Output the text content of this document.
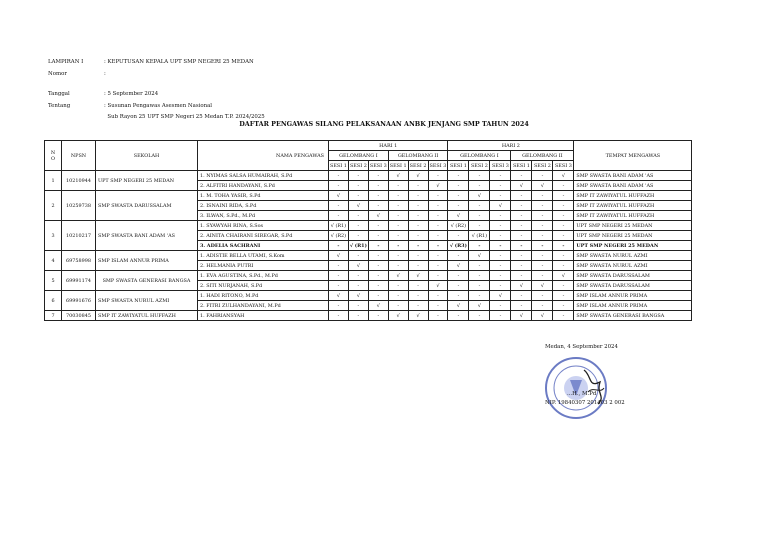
LAMPIRAN I	: KEPUTUSAN KEPALA UPT SMP NEGERI 25 MEDAN
Nomor	:
Tanggal	: 5 September 2024
Tentang	: Susunan Pengawas Asesmen Nasional
Sub Rayon 25 UPT SMP Negeri 25 Medan T.P. 2024/2025
DAFTAR PENGAWAS SILANG PELAKSANAAN ANBK JENJANG SMP TAHUN 2024
N
O	NPSN	SEKOLAH	NAMA PENGAWAS	HARI 1						HARI 2						TEMPAT MENGAWAS
				GELOMBANG I			GELOMBANG II			GELOMBANG I			GELOMBANG II			
				SESI 1	SESI 2	SESI 3	SESI 1	SESI 2	SESI 3	SESI 1	SESI 2	SESI 3	SESI 1	SESI 2	SESI 3	
1	10210944	UPT SMP NEGERI 25 MEDAN	1. NYIMAS SALSA HUMAIRAH, S.Pd	-	-	-	√	√	-	-	-	-	-	-	√	SMP SWASTA BANI ADAM 'AS
			2. ALFITRI HANDAYANI, S.Pd	-	-	-	-	-	√	-	-	-	√	√	-	SMP SWASTA BANI ADAM 'AS
2	10259738	SMP SWASTA DARUSSALAM	1. M. TOHA YASIR, S.Pd	√	-	-	-	-	-	-	√	-	-	-	-	SMP IT ZAWIYATUL HUFFAZH
			2. ISNAINI RIDA, S.Pd	-	√	-	-	-	-	-	-	√	-	-	-	SMP IT ZAWIYATUL HUFFAZH
			3. ILWAN, S.Pd., M.Pd	-	-	√	-	-	-	√	-	-	-	-	-	SMP IT ZAWIYATUL HUFFAZH
3	10210217	SMP SWASTA BANI ADAM 'AS	1. SYAWYAH RINA, S.Sos	√ (R1)	-	-	-	-	-	√ (R2)	-	-	-	-	-	UPT SMP NEGERI 25 MEDAN
			2. AINITA CHAIRANI SIREGAR, S.Pd	√ (R2)	-	-	-	-	-	-	√ (R1)	-	-	-	-	UPT SMP NEGERI 25 MEDAN
			3. ADELIA SACHRANI	-	√ (R1)	-	-	-	-	√ (R3)	-	-	-	-	-	UPT SMP NEGERI 25 MEDAN
4	69758998	SMP ISLAM ANNUR PRIMA	1. ADISTIE BELLA UTAMI, S.Kom	√	-	-	-	-	-	-	√	-	-	-	-	SMP SWASTA NURUL AZMI
			2. HELMANIA PUTRI	-	√	-	-	-	-	√	-	-	-	-	-	SMP SWASTA NURUL AZMI
5	69991174	SMP SWASTA GENERASI BANGSA	1. EVA AGUSTINA, S.Pd., M.Pd	-	-	-	√	√	-	-	-	-	-	-	√	SMP SWASTA DARUSSALAM
			2. SITI NURJANAH, S.Pd	-	-	-	-	-	√	-	-	-	√	√	-	SMP SWASTA DARUSSALAM
6	69991676	SMP SWASTA NURUL AZMI	1. HADI RITONO, M.Pd	√	√	-	-	-	-	-	-	√	-	-	-	SMP ISLAM ANNUR PRIMA
			2. FITRI ZULHANDAYANI, M.Pd	-	-	√	-	-	-	√	√	-	-	-	-	SMP ISLAM ANNUR PRIMA
7	70030845	SMP IT ZAWIYATUL HUFFAZH	1. FAHRIANSYAH	-	-	-	√	√	-	-	-	-	√	√	-	SMP SWASTA GENERASI BANGSA
Medan, 4 September 2024
...H., M.Pd
NIP. 19840307 201403 2 002
